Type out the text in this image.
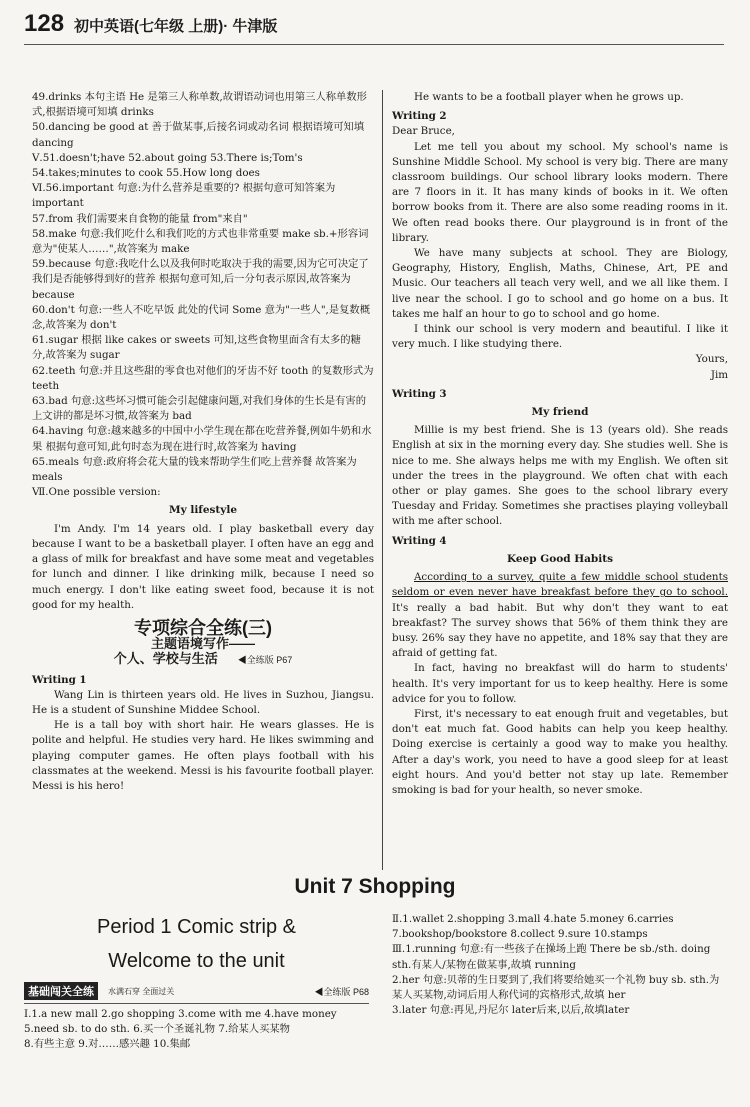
128 初中英语(七年级 上册)· 牛津版

49.drinks 本句主语 He 是第三人称单数,故谓语动词也用第三人称单数形式,根据语境可知填 drinks

50.dancing be good at 善于做某事,后接名词或动名词 根据语境可知填 dancing

Ⅴ.51.doesn't;have 52.about going 53.There is;Tom's

54.takes;minutes to cook 55.How long does

Ⅵ.56.important 句意:为什么营养是重要的? 根据句意可知答案为 important

57.from 我们需要来自食物的能量 from"来自"

58.make 句意:我们吃什么和我们吃的方式也非常重要 make sb.+形容词意为"使某人……",故答案为 make

59.because 句意:我吃什么以及我何时吃取决于我的需要,因为它可决定了我们是否能够得到好的营养 根据句意可知,后一分句表示原因,故答案为 because

60.don't 句意:一些人不吃早饭 此处的代词 Some 意为"一些人",是复数概念,故答案为 don't

61.sugar 根据 like cakes or sweets 可知,这些食物里面含有太多的糖分,故答案为 sugar

62.teeth 句意:并且这些甜的零食也对他们的牙齿不好 tooth 的复数形式为 teeth

63.bad 句意:这些坏习惯可能会引起健康问题,对我们身体的生长是有害的 上文讲的都是坏习惯,故答案为 bad

64.having 句意:越来越多的中国中小学生现在都在吃营养餐,例如牛奶和水果 根据句意可知,此句时态为现在进行时,故答案为 having

65.meals 句意:政府将会花大量的钱来帮助学生们吃上营养餐 故答案为 meals

Ⅶ.One possible version:

My lifestyle

I'm Andy. I'm 14 years old. I play basketball every day because I want to be a basketball player. I often have an egg and a glass of milk for breakfast and have some meat and vegetables for lunch and dinner. I like drinking milk, because I need so much energy. I don't like eating sweet food, because it is not good for my health.

专项综合全练(三)
主题语境写作——
个人、学校与生活 ◀全练版 P67
Writing 1

Wang Lin is thirteen years old. He lives in Suzhou, Jiangsu. He is a student of Sunshine Middee School.

He is a tall boy with short hair. He wears glasses. He is polite and helpful. He studies very hard. He likes swimming and playing computer games. He often plays football with his classmates at the weekend. Messi is his favourite football player. Messi is his hero!

He wants to be a football player when he grows up.

Writing 2

Dear Bruce,

Let me tell you about my school. My school's name is Sunshine Middle School. My school is very big. There are many classroom buildings. Our school library looks modern. There are 7 floors in it. It has many kinds of books in it. We often borrow books from it. There are also some reading rooms in it. We often read books there. Our playground is in front of the library.

We have many subjects at school. They are Biology, Geography, History, English, Maths, Chinese, Art, PE and Music. Our teachers all teach very well, and we all like them. I live near the school. I go to school and go home on a bus. It takes me half an hour to go to school and go home.

I think our school is very modern and beautiful. I like it very much. I like studying there.

Yours,

Jim

Writing 3
My friend

Millie is my best friend. She is 13 (years old). She reads English at six in the morning every day. She studies well. She is nice to me. She always helps me with my English. We often sit under the trees in the playground. We often chat with each other or play games. She goes to the school library every Tuesday and Friday. Sometimes she practises playing volleyball with me after school.

Writing 4
Keep Good Habits

According to a survey, quite a few middle school students seldom or even never have breakfast before they go to school. It's really a bad habit. But why don't they want to eat breakfast? The survey shows that 56% of them think they are busy. 26% say they have no appetite, and 18% say that they are afraid of getting fat.

In fact, having no breakfast will do harm to students' health. It's very important for us to keep healthy. Here is some advice for you to follow.

First, it's necessary to eat enough fruit and vegetables, but don't eat much fat. Good habits can help you keep healthy. Doing exercise is certainly a good way to make you healthy. After a day's work, you need to have a good sleep for at least eight hours. And you'd better not stay up late. Remember smoking is bad for your health, so never smoke.

Unit 7 Shopping
Period 1 Comic strip &
Welcome to the unit
基础闯关全练	水满石穿 全面过关	◀全练版 P68

Ⅰ.1.a new mall 2.go shopping 3.come with me 4.have money

5.need sb. to do sth. 6.买一个圣诞礼物 7.给某人买某物

8.有些主意 9.对……感兴趣 10.集邮

Ⅱ.1.wallet 2.shopping 3.mall 4.hate 5.money 6.carries

7.bookshop/bookstore 8.collect 9.sure 10.stamps

Ⅲ.1.running 句意:有一些孩子在操场上跑 There be sb./sth. doing sth.有某人/某物在做某事,故填 running

2.her 句意:贝蒂的生日要到了,我们将要给她买一个礼物 buy sb. sth.为某人买某物,动词后用人称代词的宾格形式,故填 her

3.later 句意:再见,丹尼尔 later后来,以后,故填later
